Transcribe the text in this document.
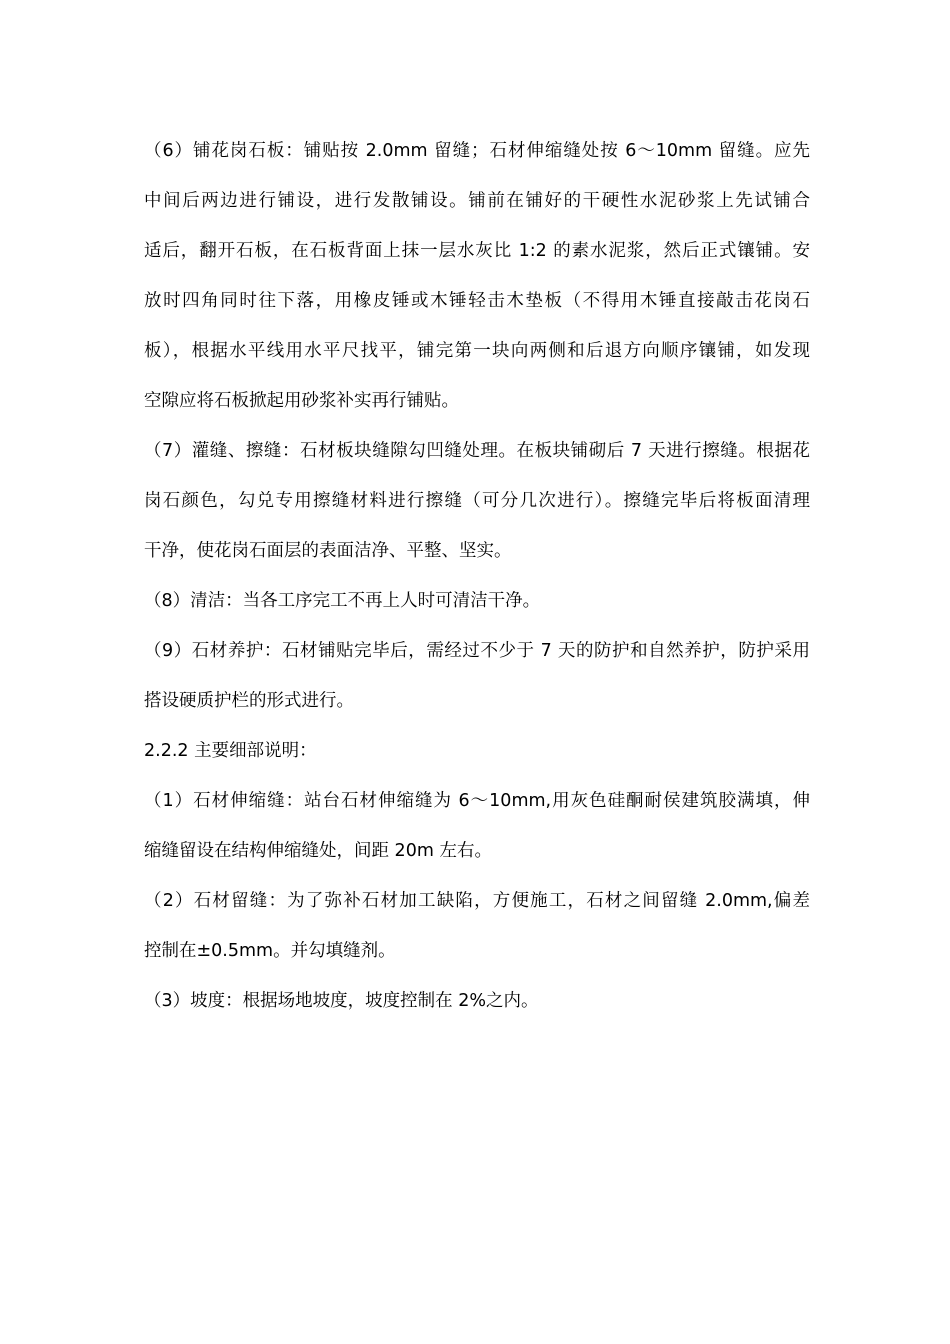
（6）铺花岗石板：铺贴按 2.0mm 留缝；石材伸缩缝处按 6～10mm 留缝。应先
中间后两边进行铺设，进行发散铺设。铺前在铺好的干硬性水泥砂浆上先试铺合
适后，翻开石板，在石板背面上抹一层水灰比 1:2 的素水泥浆，然后正式镶铺。安
放时四角同时往下落，用橡皮锤或木锤轻击木垫板（不得用木锤直接敲击花岗石
板），根据水平线用水平尺找平，铺完第一块向两侧和后退方向顺序镶铺，如发现
空隙应将石板掀起用砂浆补实再行铺贴。
（7）灌缝、擦缝：石材板块缝隙勾凹缝处理。在板块铺砌后 7 天进行擦缝。根据花
岗石颜色，勾兑专用擦缝材料进行擦缝（可分几次进行）。擦缝完毕后将板面清理
干净，使花岗石面层的表面洁净、平整、坚实。
（8）清洁：当各工序完工不再上人时可清洁干净。
（9）石材养护：石材铺贴完毕后，需经过不少于 7 天的防护和自然养护，防护采用
搭设硬质护栏的形式进行。
2.2.2 主要细部说明：
（1）石材伸缩缝：站台石材伸缩缝为 6～10mm,用灰色硅酮耐侯建筑胶满填，伸
缩缝留设在结构伸缩缝处，间距 20m 左右。
（2）石材留缝：为了弥补石材加工缺陷，方便施工，石材之间留缝 2.0mm,偏差
控制在±0.5mm。并勾填缝剂。
（3）坡度：根据场地坡度，坡度控制在 2%之内。
